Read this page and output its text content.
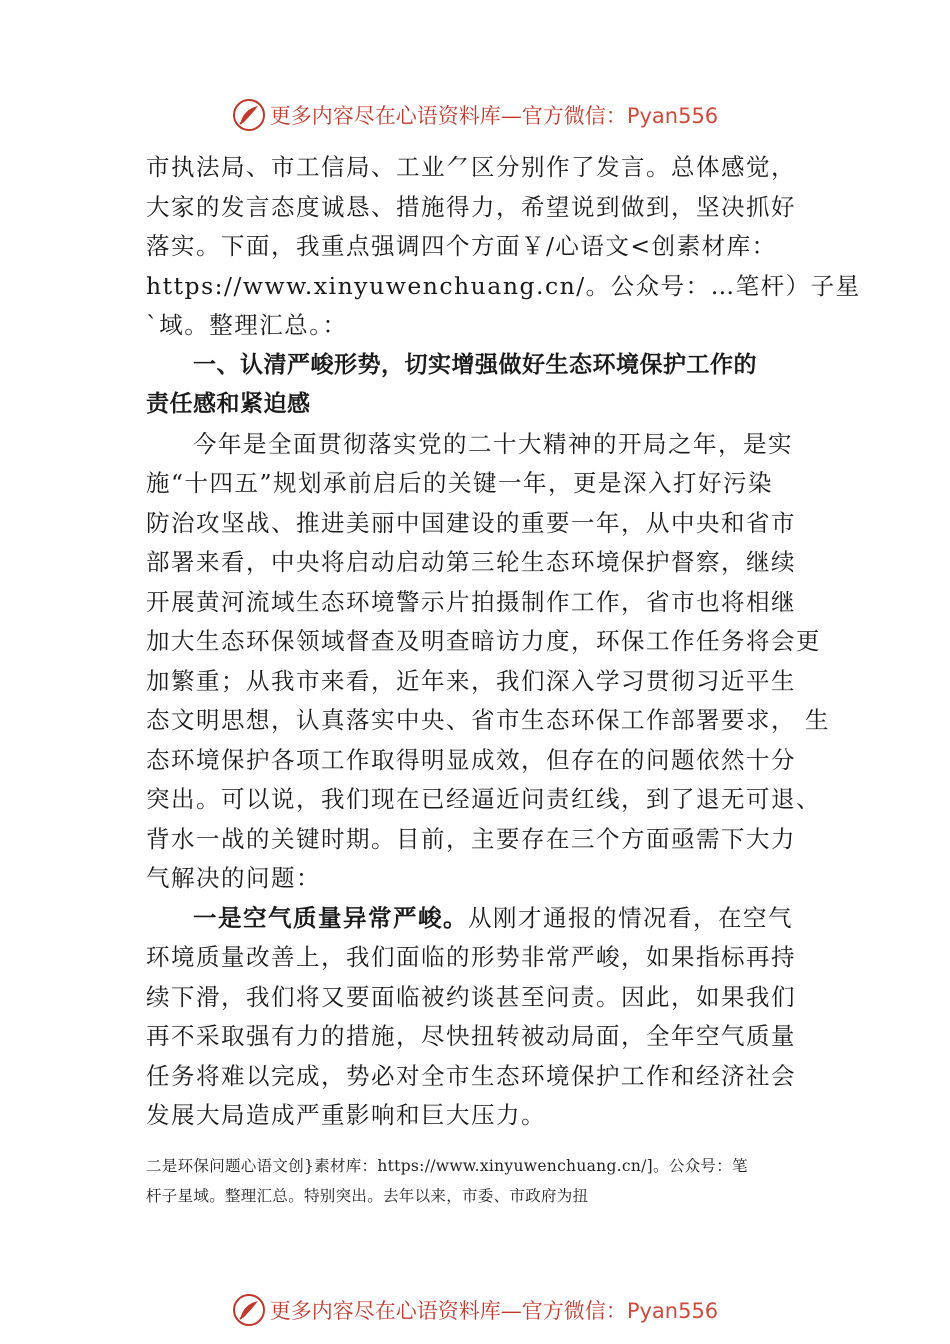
更多内容尽在心语资料库—官方微信：Pyan556
市执法局、市工信局、工业⺈区分别作了发言。总体感觉，
大家的发言态度诚恳、措施得力，希望说到做到，坚决抓好
落实。下面，我重点强调四个方面￥/心语文<创素材库：
https://www.xinyuwenchuang.cn/。公众号：…笔杆）子星
`域。整理汇总。：
一、认清严峻形势，切实增强做好生态环境保护工作的
责任感和紧迫感
今年是全面贯彻落实党的二十大精神的开局之年，是实
施“十四五”规划承前启后的关键一年，更是深入打好污染
防治攻坚战、推进美丽中国建设的重要一年，从中央和省市
部署来看，中央将启动启动第三轮生态环境保护督察，继续
开展黄河流域生态环境警示片拍摄制作工作，省市也将相继
加大生态环保领域督查及明查暗访力度，环保工作任务将会更
加繁重；从我市来看，近年来，我们深入学习贯彻习近平生
态文明思想，认真落实中央、省市生态环保工作部署要求， 生
态环境保护各项工作取得明显成效，但存在的问题依然十分
突出。可以说，我们现在已经逼近问责红线，到了退无可退、
背水一战的关键时期。目前，主要存在三个方面亟需下大力
气解决的问题：
一是空气质量异常严峻。从刚才通报的情况看，在空气
环境质量改善上，我们面临的形势非常严峻，如果指标再持
续下滑，我们将又要面临被约谈甚至问责。因此，如果我们
再不采取强有力的措施，尽快扭转被动局面，全年空气质量
任务将难以完成，势必对全市生态环境保护工作和经济社会
发展大局造成严重影响和巨大压力。
二是环保问题心语文创}素材库：https://www.xinyuwenchuang.cn/]。公众号：笔
杆子星域。整理汇总。特别突出。去年以来，市委、市政府为扭
更多内容尽在心语资料库—官方微信：Pyan556
